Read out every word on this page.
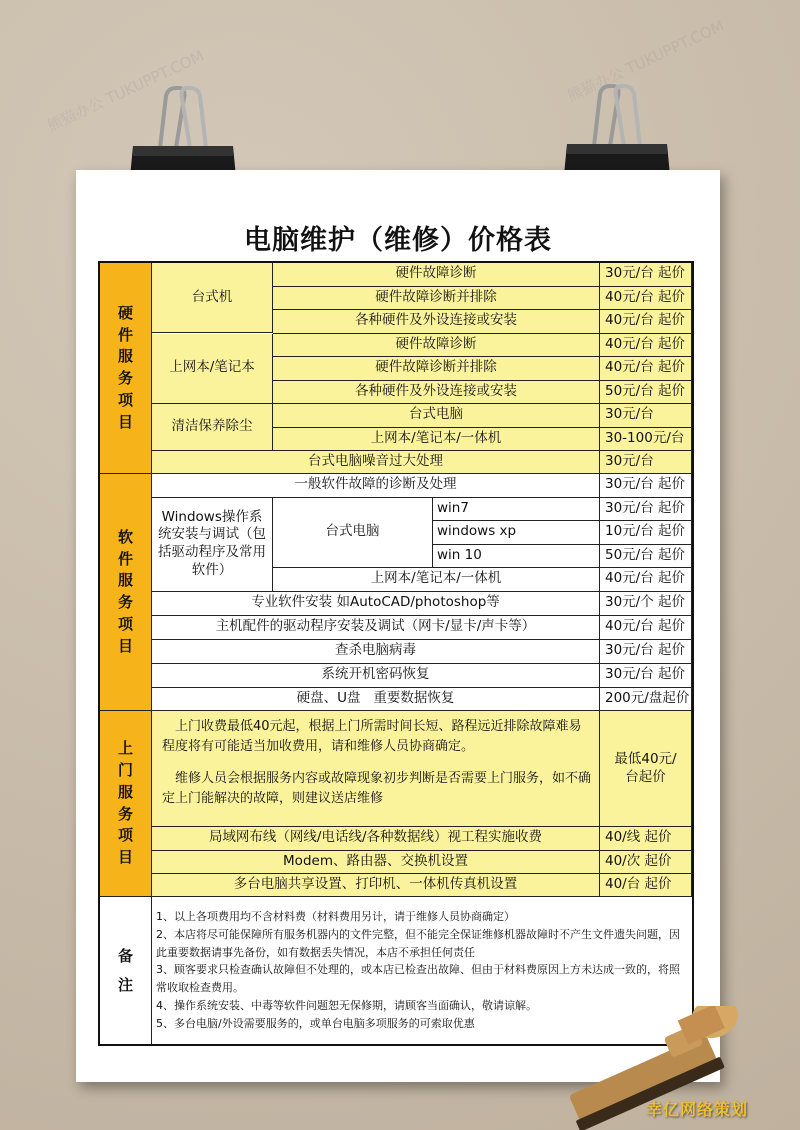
熊猫办公 TUKUPPT.COM	熊猫办公 TUKUPPT.COM
电脑维护（维修）价格表
硬
件
服
务
项
目
台式机
硬件故障诊断	30元/台 起价
硬件故障诊断并排除	40元/台 起价
各种硬件及外设连接或安装	40元/台 起价
上网本/笔记本
硬件故障诊断	40元/台 起价
硬件故障诊断并排除	40元/台 起价
各种硬件及外设连接或安装	50元/台 起价
清洁保养除尘
台式电脑	30元/台
上网本/笔记本/一体机	30-100元/台
台式电脑噪音过大处理	30元/台
软
件
服
务
项
目
一般软件故障的诊断及处理	30元/台 起价
Windows操作系统安装与调试（包括驱动程序及常用软件）
台式电脑
win7	30元/台 起价
windows xp	10元/台 起价
win 10	50元/台 起价
上网本/笔记本/一体机	40元/台 起价
专业软件安装 如AutoCAD/photoshop等	30元/个 起价
主机配件的驱动程序安装及调试（网卡/显卡/声卡等）	40元/台 起价
查杀电脑病毒	30元/台 起价
系统开机密码恢复	30元/台 起价
硬盘、U盘   重要数据恢复	200元/盘起价
上
门
服
务
项
目

上门收费最低40元起，根据上门所需时间长短、路程远近排除故障难易程度将有可能适当加收费用，请和维修人员协商确定。

维修人员会根据服务内容或故障现象初步判断是否需要上门服务，如不确定上门能解决的故障，则建议送店维修

最低40元/台起价
局域网布线（网线/电话线/各种数据线）视工程实施收费	40/线 起价
Modem、路由器、交换机设置	40/次 起价
多台电脑共享设置、打印机、一体机传真机设置	40/台 起价
备
注
1、以上各项费用均不含材料费（材料费用另计，请于维修人员协商确定）
2、本店将尽可能保障所有服务机器内的文件完整，但不能完全保证维修机器故障时不产生文件遗失问题，因此重要数据请事先备份，如有数据丢失情况，本店不承担任何责任
3、顾客要求只检查确认故障但不处理的，或本店已检查出故障、但由于材料费原因上方未达成一致的，将照常收取检查费用。
4、操作系统安装、中毒等软件问题恕无保修期，请顾客当面确认，敬请谅解。
5、多台电脑/外设需要服务的，或单台电脑多项服务的可索取优惠
幸亿网络策划
